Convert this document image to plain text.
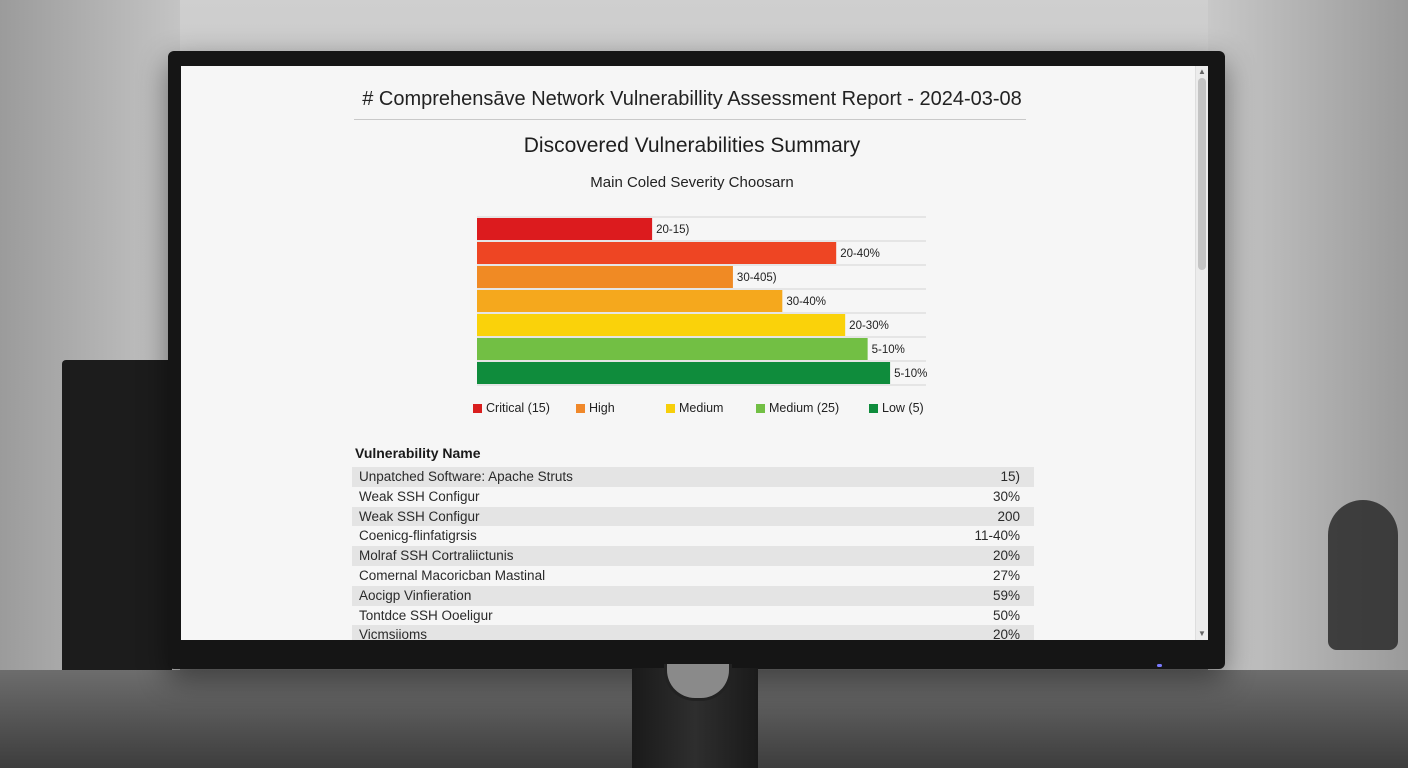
# Comprehensāve Network Vulnerabillity Assessment Report - 2024-03-08
Discovered Vulnerabilities Summary
Main Coled Severity Choosarn
20-15)
20-40%
30-405)
30-40%
20-30%
5-10%
5-10%
Critical (15)	High	Medium	Medium (25)	Low (5)
Vulnerability Name
Unpatched Software: Apache Struts	15)
Weak SSH Configur	30%
Weak SSH Configur	200
Coenicg-flinfatigrsis	11-40%
Molraf SSH Cortraliictunis	20%
Comernal Macoricban Mastinal	27%
Aocigp Vinfieration	59%
Tontdce SSH Ooeligur	50%
Vicmsiioms	20%
▲
▼
